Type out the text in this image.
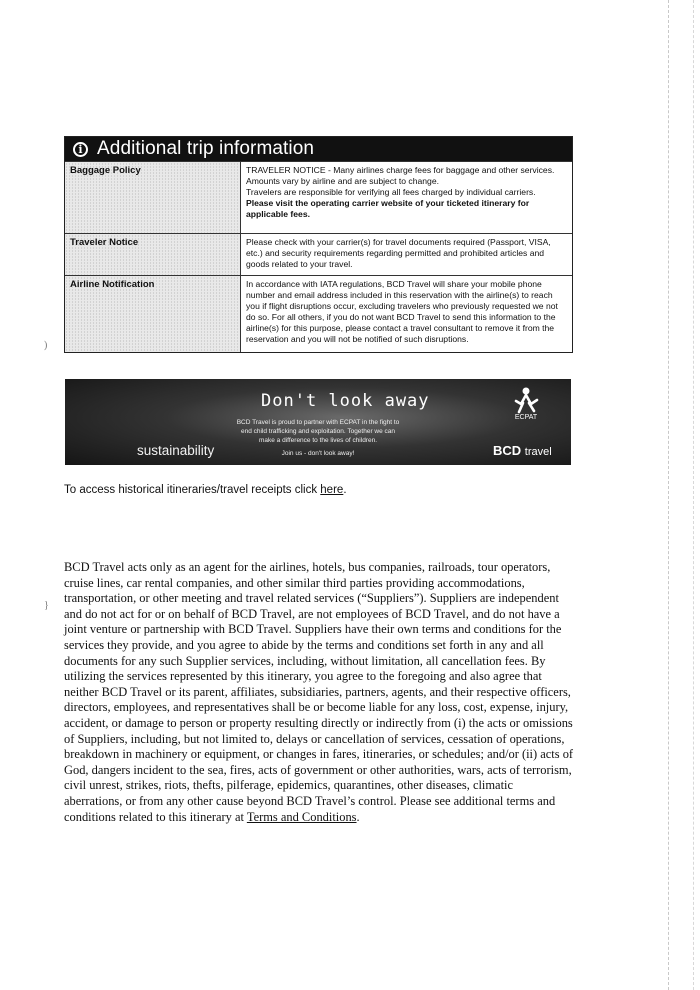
)
}
i Additional trip information
Baggage Policy	TRAVELER NOTICE - Many airlines charge fees for baggage and other services.
Amounts vary by airline and are subject to change.
Travelers are responsible for verifying all fees charged by individual carriers.
Please visit the operating carrier website of your ticketed itinerary for applicable fees.

Traveler Notice	Please check with your carrier(s) for travel documents required (Passport, VISA, etc.) and security requirements regarding permitted and prohibited articles and goods related to your travel.
Airline Notification	In accordance with IATA regulations, BCD Travel will share your mobile phone number and email address included in this reservation with the airline(s) to reach you if flight disruptions occur, excluding travelers who previously requested we not do so. For all others, if you do not want BCD Travel to send this information to the airline(s) for this purpose, please contact a travel consultant to remove it from the reservation and you will not be notified of such disruptions.
Don't look away
BCD Travel is proud to partner with ECPAT in the fight to end child trafficking and exploitation. Together we can make a difference to the lives of children.
Join us - don't look away!
sustainability
ECPAT
BCD travel
To access historical itineraries/travel receipts click here.
BCD Travel acts only as an agent for the airlines, hotels, bus companies, railroads, tour operators, cruise lines, car rental companies, and other similar third parties providing accommodations, transportation, or other meeting and travel related services (“Suppliers”). Suppliers are independent and do not act for or on behalf of BCD Travel, are not employees of BCD Travel, and do not have a joint venture or partnership with BCD Travel. Suppliers have their own terms and conditions for the services they provide, and you agree to abide by the terms and conditions set forth in any and all documents for any such Supplier services, including, without limitation, all cancellation fees. By utilizing the services represented by this itinerary, you agree to the foregoing and also agree that neither BCD Travel or its parent, affiliates, subsidiaries, partners, agents, and their respective officers, directors, employees, and representatives shall be or become liable for any loss, cost, expense, injury, accident, or damage to person or property resulting directly or indirectly from (i) the acts or omissions of Suppliers, including, but not limited to, delays or cancellation of services, cessation of operations, breakdown in machinery or equipment, or changes in fares, itineraries, or schedules; and/or (ii) acts of God, dangers incident to the sea, fires, acts of government or other authorities, wars, acts of terrorism, civil unrest, strikes, riots, thefts, pilferage, epidemics, quarantines, other diseases, climatic aberrations, or from any other cause beyond BCD Travel’s control. Please see additional terms and conditions related to this itinerary at Terms and Conditions.
